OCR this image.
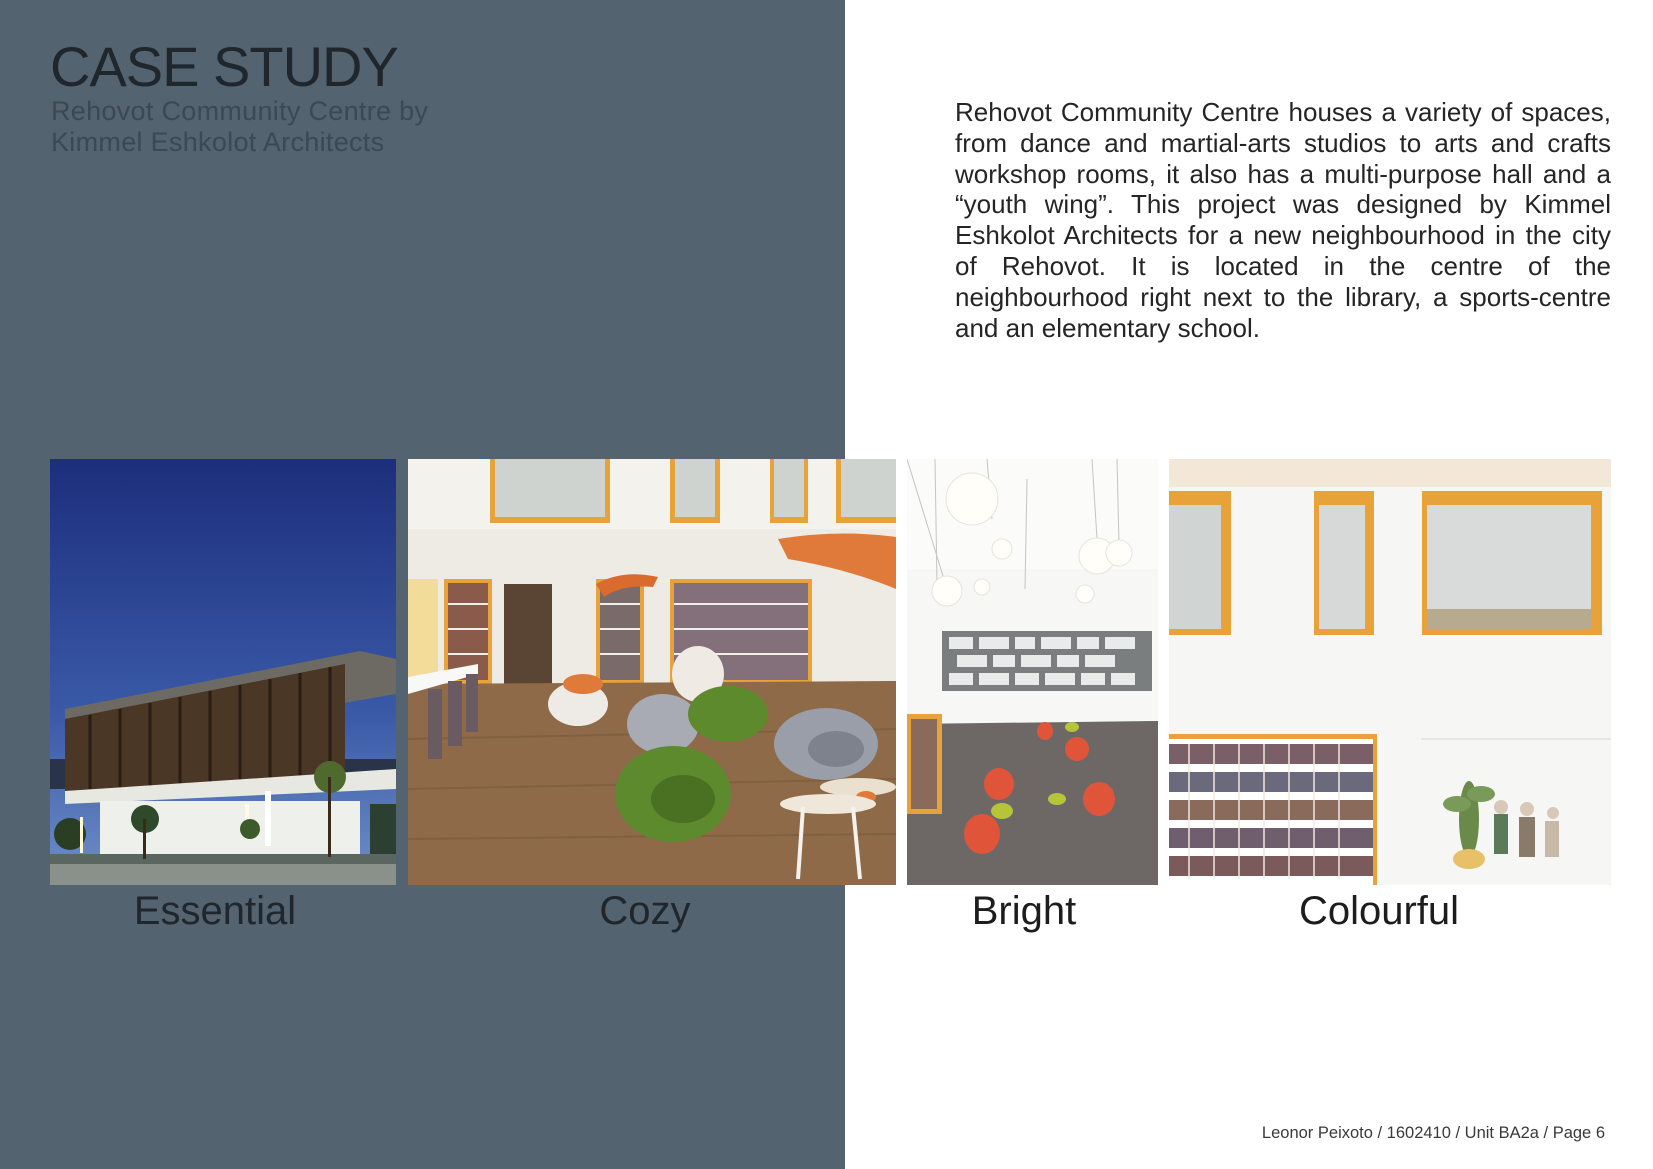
CASE STUDY

Rehovot Community Centre by
Kimmel Eshkolot Architects

Rehovot Community Centre houses a variety of spaces, from dance and martial-arts studios to arts and crafts workshop rooms, it also has a multi-purpose hall and a “youth wing”. This project was designed by Kimmel Eshkolot Architects for a new neighbourhood in the city of Rehovot. It is located in the centre of the neighbourhood right next to the library, a sports-centre and an elementary school.

Essential	Cozy	Bright	Colourful

Leonor Peixoto / 1602410 / Unit BA2a / Page 6
